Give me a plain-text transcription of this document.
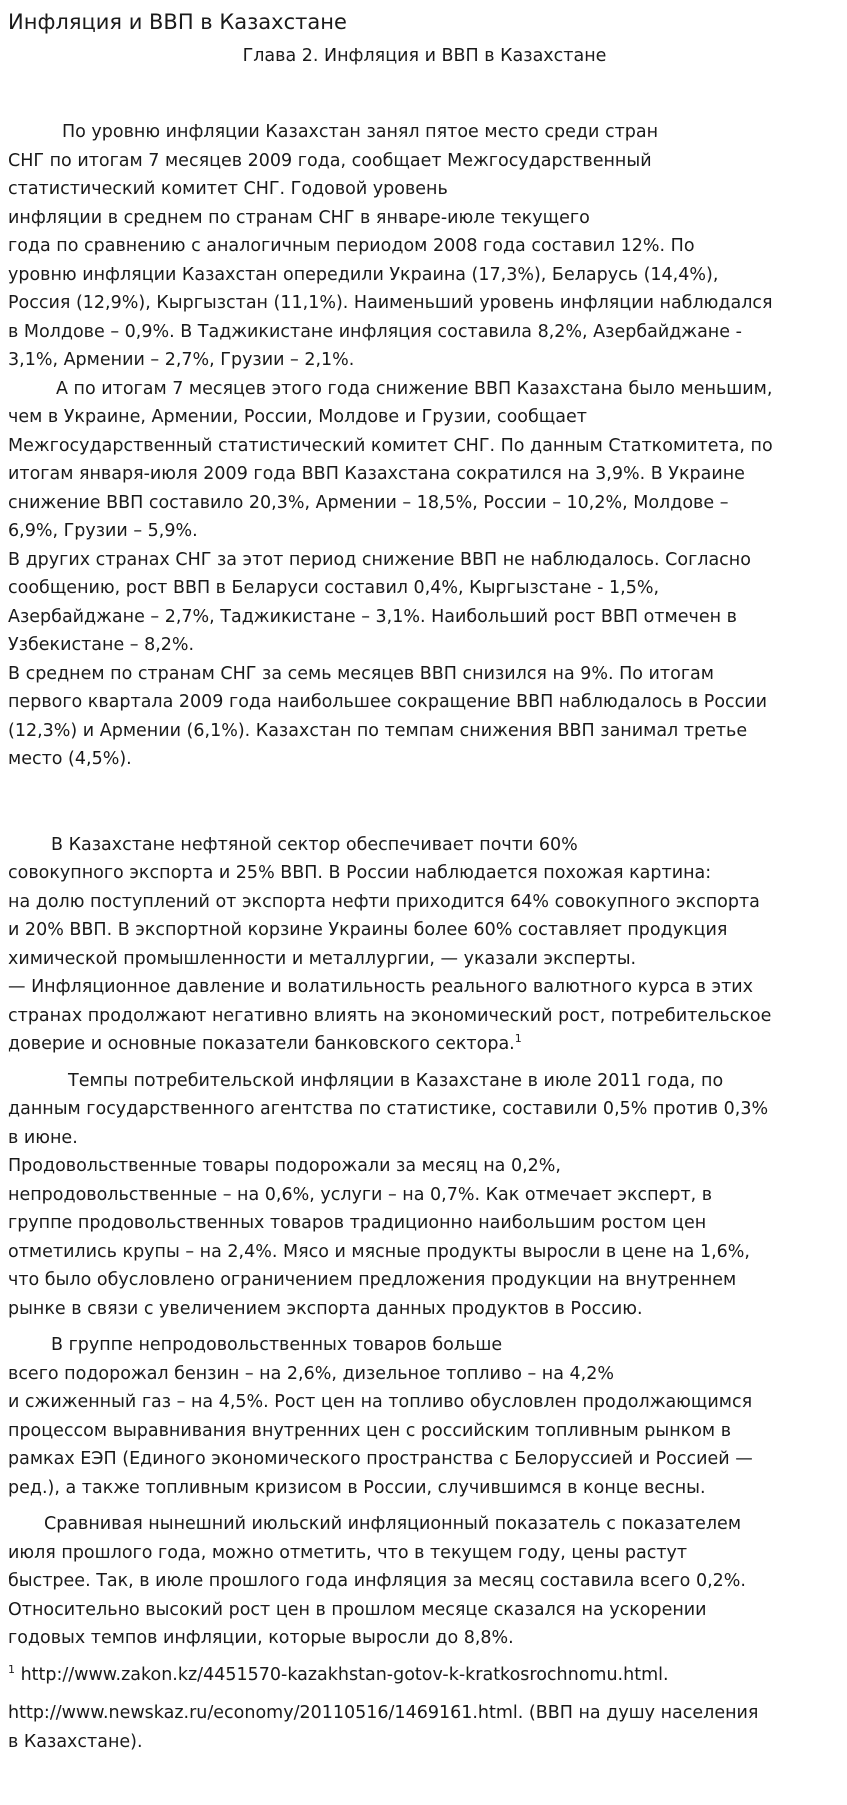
Инфляция и ВВП в Казахстане
Глава 2. Инфляция и ВВП в Казахстане
По уровню инфляции Казахстан занял пятое место среди стран
СНГ по итогам 7 месяцев 2009 года, сообщает Межгосударственный
статистический комитет СНГ. Годовой уровень
инфляции в среднем по странам СНГ в январе-июле текущего
года по сравнению с аналогичным периодом 2008 года составил 12%. По
уровню инфляции Казахстан опередили Украина (17,3%), Беларусь (14,4%),
Россия (12,9%), Кыргызстан (11,1%). Наименьший уровень инфляции наблюдался
в Молдове – 0,9%. В Таджикистане инфляция составила 8,2%, Азербайджане -
3,1%, Армении – 2,7%, Грузии – 2,1%.
А по итогам 7 месяцев этого года снижение ВВП Казахстана было меньшим,
чем в Украине, Армении, России, Молдове и Грузии, сообщает
Межгосударственный статистический комитет СНГ. По данным Статкомитета, по
итогам января-июля 2009 года ВВП Казахстана сократился на 3,9%. В Украине
снижение ВВП составило 20,3%, Армении – 18,5%, России – 10,2%, Молдове –
6,9%, Грузии – 5,9%.
В других странах СНГ за этот период снижение ВВП не наблюдалось. Согласно
сообщению, рост ВВП в Беларуси составил 0,4%, Кыргызстане - 1,5%,
Азербайджане – 2,7%, Таджикистане – 3,1%. Наибольший рост ВВП отмечен в
Узбекистане – 8,2%.
В среднем по странам СНГ за семь месяцев ВВП снизился на 9%. По итогам
первого квартала 2009 года наибольшее сокращение ВВП наблюдалось в России
(12,3%) и Армении (6,1%). Казахстан по темпам снижения ВВП занимал третье
место (4,5%).
В Казахстане нефтяной сектор обеспечивает почти 60%
совокупного экспорта и 25% ВВП. В России наблюдается похожая картина:
на долю поступлений от экспорта нефти приходится 64% совокупного экспорта
и 20% ВВП. В экспортной корзине Украины более 60% составляет продукция
химической промышленности и металлургии, — указали эксперты.
— Инфляционное давление и волатильность реального валютного курса в этих
странах продолжают негативно влиять на экономический рост, потребительское
доверие и основные показатели банковского сектора.$^1$
Темпы потребительской инфляции в Казахстане в июле 2011 года, по
данным государственного агентства по статистике, составили 0,5% против 0,3%
в июне.
Продовольственные товары подорожали за месяц на 0,2%,
непродовольственные – на 0,6%, услуги – на 0,7%. Как отмечает эксперт, в
группе продовольственных товаров традиционно наибольшим ростом цен
отметились крупы – на 2,4%. Мясо и мясные продукты выросли в цене на 1,6%,
что было обусловлено ограничением предложения продукции на внутреннем
рынке в связи с увеличением экспорта данных продуктов в Россию.
В группе непродовольственных товаров больше
всего подорожал бензин – на 2,6%, дизельное топливо – на 4,2%
и сжиженный газ – на 4,5%. Рост цен на топливо обусловлен продолжающимся
процессом выравнивания внутренних цен с российским топливным рынком в
рамках ЕЭП (Единого экономического пространства с Белоруссией и Россией —
ред.), а также топливным кризисом в России, случившимся в конце весны.
Сравнивая нынешний июльский инфляционный показатель с показателем
июля прошлого года, можно отметить, что в текущем году, цены растут
быстрее. Так, в июле прошлого года инфляция за месяц составила всего 0,2%.
Относительно высокий рост цен в прошлом месяце сказался на ускорении
годовых темпов инфляции, которые выросли до 8,8%.
$^1$ http://www.zakon.kz/4451570-kazakhstan-gotov-k-kratkosrochnomu.html.
http://www.newskaz.ru/economy/20110516/1469161.html. (ВВП на душу населения
в Казахстане).
